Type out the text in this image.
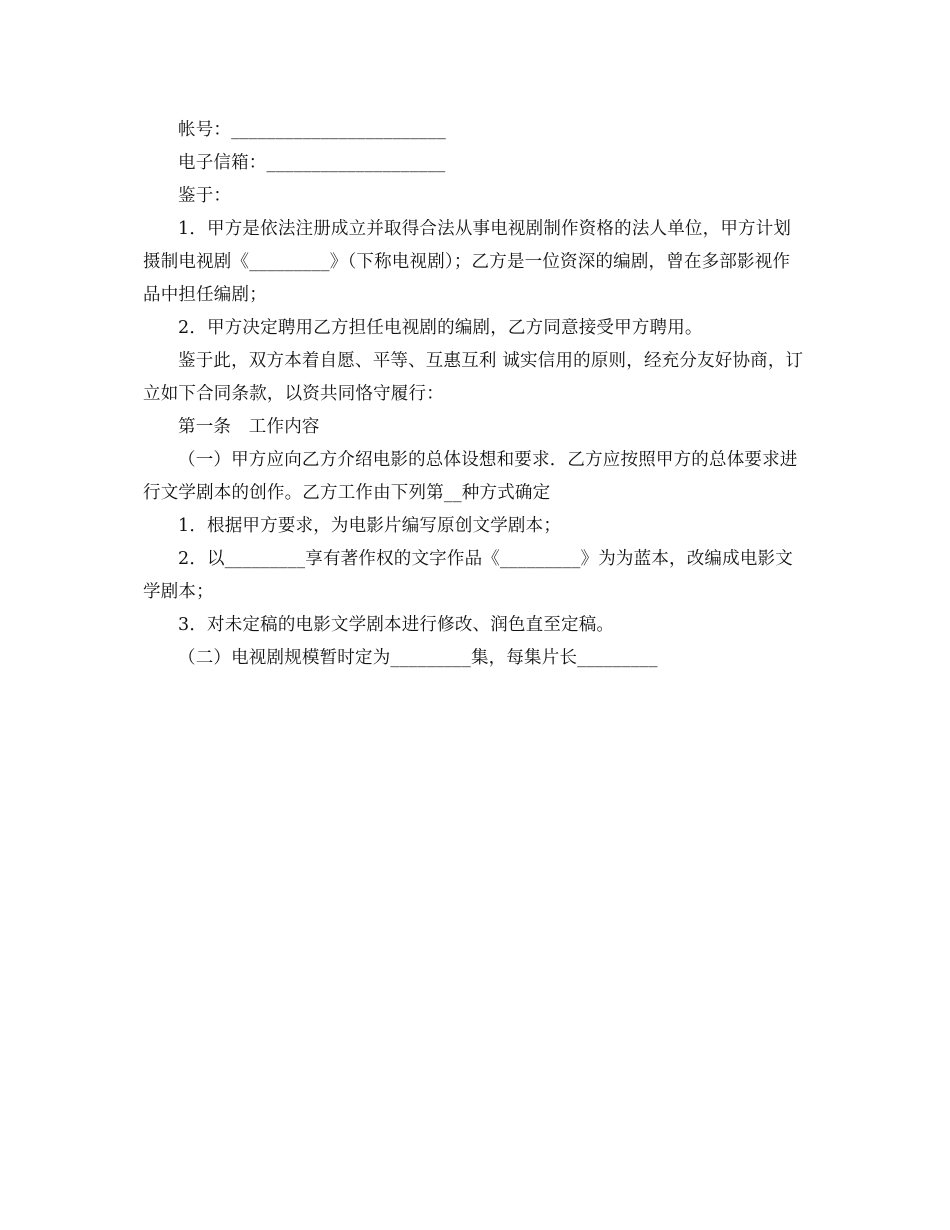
帐号：________________________

电子信箱：____________________

鉴于：

1．甲方是依法注册成立并取得合法从事电视剧制作资格的法人单位，甲方计划摄制电视剧《_________》（下称电视剧）；乙方是一位资深的编剧，曾在多部影视作品中担任编剧；

2．甲方决定聘用乙方担任电视剧的编剧，乙方同意接受甲方聘用。

鉴于此，双方本着自愿、平等、互惠互利 诚实信用的原则，经充分友好协商，订立如下合同条款，以资共同恪守履行：

第一条　工作内容

（一）甲方应向乙方介绍电影的总体设想和要求．乙方应按照甲方的总体要求进行文学剧本的创作。乙方工作由下列第__种方式确定

1．根据甲方要求，为电影片编写原创文学剧本；

2．以_________享有著作权的文字作品《_________》为为蓝本，改编成电影文学剧本；

3．对未定稿的电影文学剧本进行修改、润色直至定稿。

（二）电视剧规模暂时定为_________集，每集片长_________
